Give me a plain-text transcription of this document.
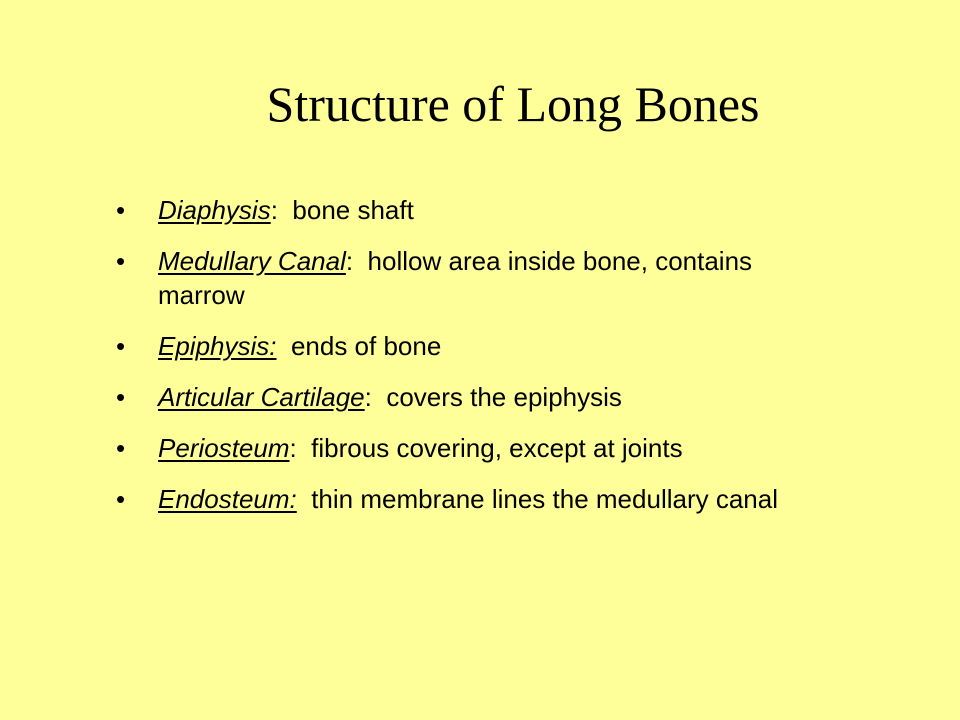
Structure of Long Bones
• Diaphysis:  bone shaft
• Medullary Canal:  hollow area inside bone, contains marrow
• Epiphysis:  ends of bone
• Articular Cartilage:  covers the epiphysis
• Periosteum:  fibrous covering, except at joints
• Endosteum:  thin membrane lines the medullary canal
